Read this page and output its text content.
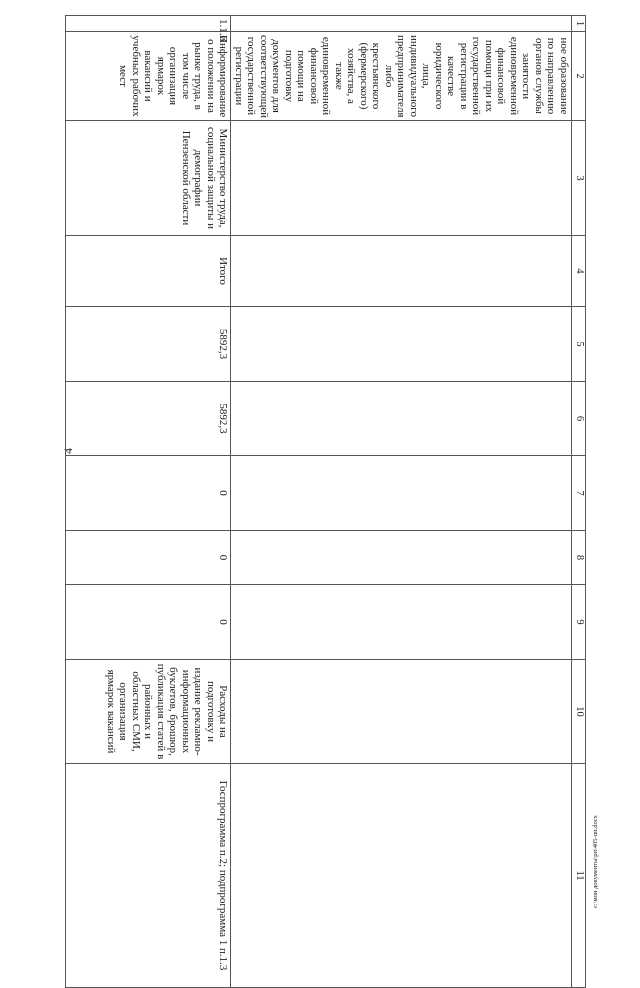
4
c:\мои документы\рп\405-пп.docx
1	2	3	4	5	6	7	8	9	10	11
	ное образование по направлению органов службы занятости единовременной финансовой помощи при их государственной регистрации в качестве юридического лица, индивидуального предпринимателя либо крестьянского (фермерского) хозяйства, а также единовременной финансовой помощи на подготовку документов для соответствующей государственной регистрации									
1.1.6	Информирование о положении на рынке труда, в том числе организация ярмарок вакансий и учебных рабочих мест	Министерство труда, социальной защиты и демографии Пензенской области	Итого	5892,3	5892,3	0	0	0	Расходы на подготовку и издание рекламно-информационных буклетов, брошюр, публикация статей в районных и областных СМИ, организация ярмарок вакансий	Госпрограмма п.2; подпрограмма 1 п.1.3
